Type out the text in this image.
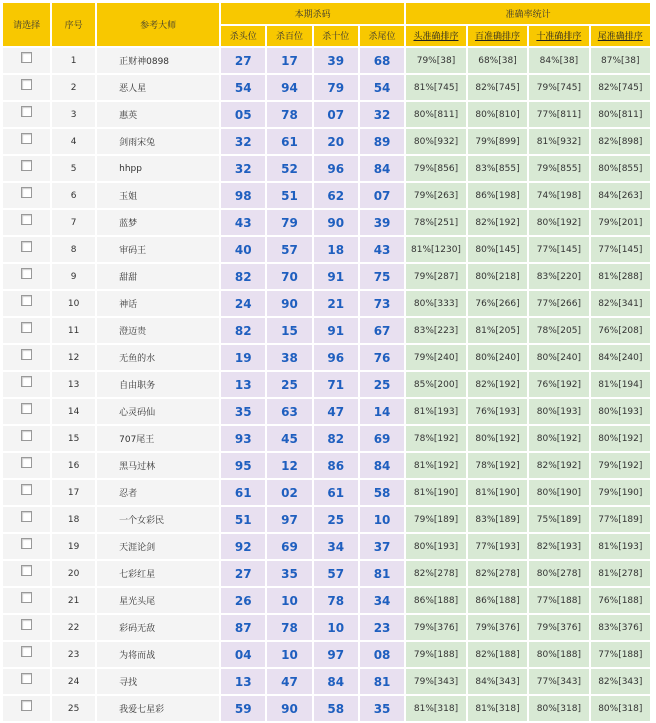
请选择	序号	参考大师	本期杀码				准确率统计				
			杀头位	杀百位	杀十位	杀尾位	头准确排序	百准确排序	十准确排序	尾准确排序	
	1	正财神0898	27	17	39	68	79%[38]	68%[38]	84%[38]	87%[38]	
	2	恶人星	54	94	79	54	81%[745]	82%[745]	79%[745]	82%[745]	
	3	惠英	05	78	07	32	80%[811]	80%[810]	77%[811]	80%[811]	
	4	剑雨宋兔	32	61	20	89	80%[932]	79%[899]	81%[932]	82%[898]	
	5	hhpp	32	52	96	84	79%[856]	83%[855]	79%[855]	80%[855]	
	6	玉姐	98	51	62	07	79%[263]	86%[198]	74%[198]	84%[263]	
	7	蓝梦	43	79	90	39	78%[251]	82%[192]	80%[192]	79%[201]	
	8	审码王	40	57	18	43	81%[1230]	80%[145]	77%[145]	77%[145]	
	9	甜甜	82	70	91	75	79%[287]	80%[218]	83%[220]	81%[288]	
	10	神话	24	90	21	73	80%[333]	76%[266]	77%[266]	82%[341]	
	11	澄迈贵	82	15	91	67	83%[223]	81%[205]	78%[205]	76%[208]	
	12	无鱼的水	19	38	96	76	79%[240]	80%[240]	80%[240]	84%[240]	
	13	自由职务	13	25	71	25	85%[200]	82%[192]	76%[192]	81%[194]	
	14	心灵码仙	35	63	47	14	81%[193]	76%[193]	80%[193]	80%[193]	
	15	707尾王	93	45	82	69	78%[192]	80%[192]	80%[192]	80%[192]	
	16	黑马过林	95	12	86	84	81%[192]	78%[192]	82%[192]	79%[192]	
	17	忍者	61	02	61	58	81%[190]	81%[190]	80%[190]	79%[190]	
	18	一个女彩民	51	97	25	10	79%[189]	83%[189]	75%[189]	77%[189]	
	19	天涯论剑	92	69	34	37	80%[193]	77%[193]	82%[193]	81%[193]	
	20	七彩红星	27	35	57	81	82%[278]	82%[278]	80%[278]	81%[278]	
	21	星光头尾	26	10	78	34	86%[188]	86%[188]	77%[188]	76%[188]	
	22	彩码无敌	87	78	10	23	79%[376]	79%[376]	79%[376]	83%[376]	
	23	为将而战	04	10	97	08	79%[188]	82%[188]	80%[188]	77%[188]	
	24	寻找	13	47	84	81	79%[343]	84%[343]	77%[343]	82%[343]	
	25	我爱七星彩	59	90	58	35	81%[318]	81%[318]	80%[318]	80%[318]	
